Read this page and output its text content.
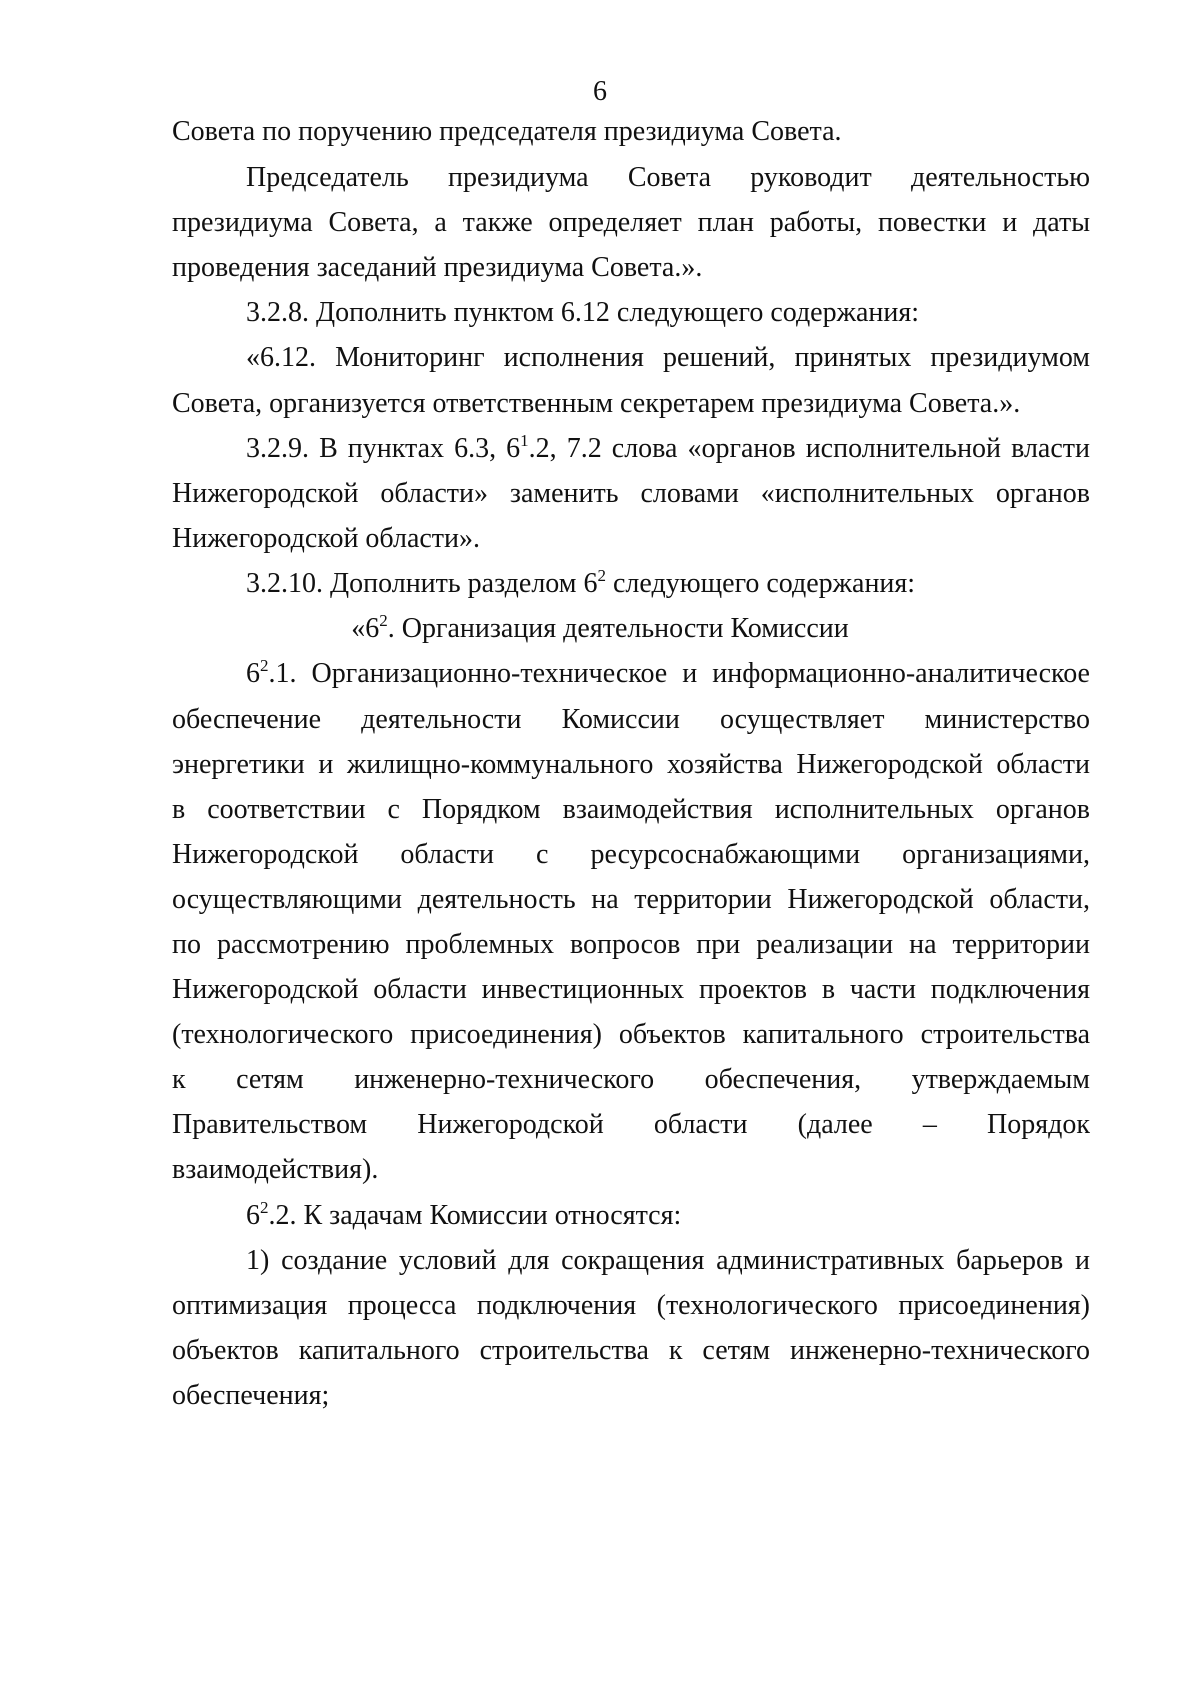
6
Совета по поручению председателя президиума Совета.
Председатель президиума Совета руководит деятельностью
президиума Совета, а также определяет план работы, повестки и даты
проведения заседаний президиума Совета.».
3.2.8. Дополнить пунктом 6.12 следующего содержания:
«6.12. Мониторинг исполнения решений, принятых президиумом
Совета, организуется ответственным секретарем президиума Совета.».
3.2.9. В пунктах 6.3, $6^1.2$, 7.2 слова «органов исполнительной власти
Нижегородской области» заменить словами «исполнительных органов
Нижегородской области».
3.2.10. Дополнить разделом $6^2$ следующего содержания:
«$6^2$. Организация деятельности Комиссии
$6^2.1$. Организационно-техническое и информационно-аналитическое
обеспечение деятельности Комиссии осуществляет министерство
энергетики и жилищно-коммунального хозяйства Нижегородской области
в соответствии с Порядком взаимодействия исполнительных органов
Нижегородской области с ресурсоснабжающими организациями,
осуществляющими деятельность на территории Нижегородской области,
по рассмотрению проблемных вопросов при реализации на территории
Нижегородской области инвестиционных проектов в части подключения
(технологического присоединения) объектов капитального строительства
к сетям инженерно-технического обеспечения, утверждаемым
Правительством Нижегородской области (далее – Порядок
взаимодействия).
$6^2.2$. К задачам Комиссии относятся:
1) создание условий для сокращения административных барьеров и
оптимизация процесса подключения (технологического присоединения)
объектов капитального строительства к сетям инженерно-технического
обеспечения;
